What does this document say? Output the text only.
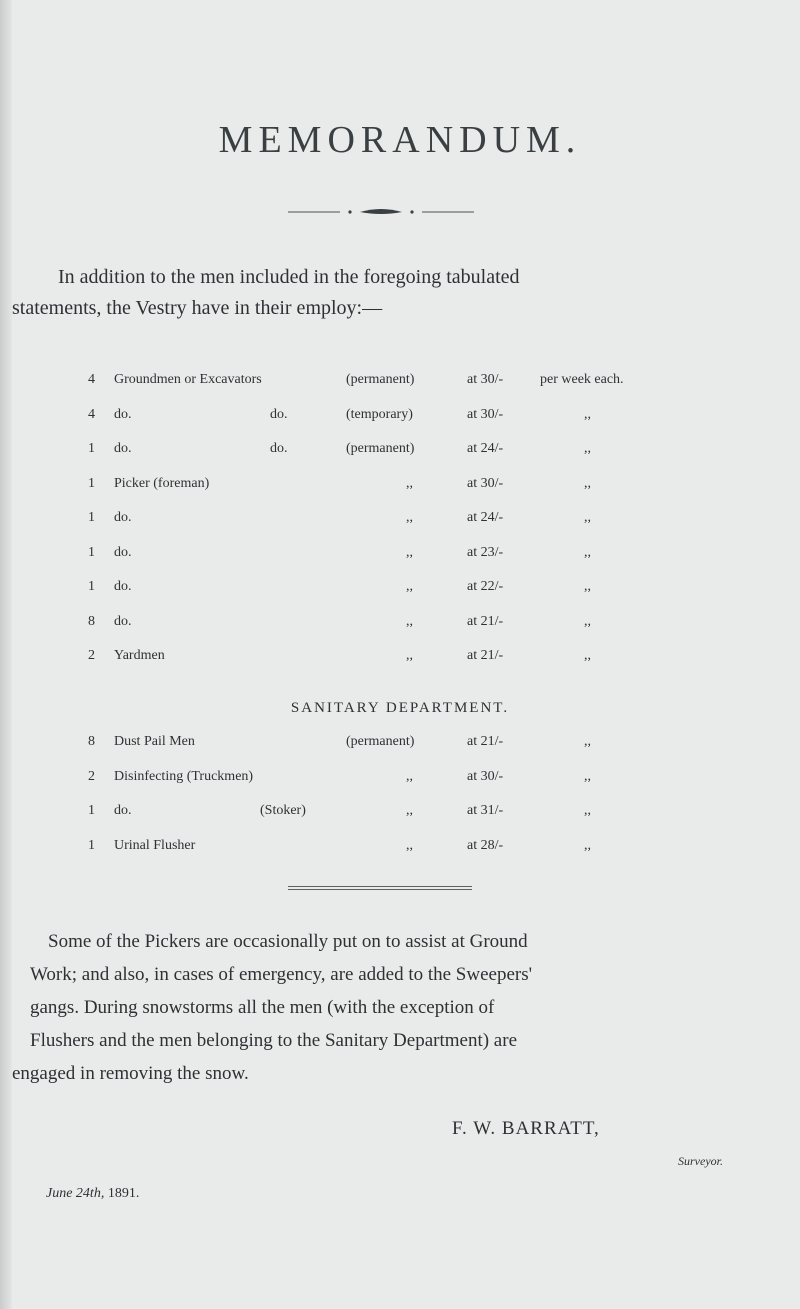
MEMORANDUM.
In addition to the men included in the foregoing tabulated
statements, the Vestry have in their employ:—
4 Groundmen or Excavators	(permanent)	at 30/-	per week each.
4 do.	do.	(temporary)	at 30/-	,,
1 do.	do.	(permanent)	at 24/-	,,
1 Picker (foreman)	,,	at 30/-	,,
1 do.	,,	at 24/-	,,
1 do.	,,	at 23/-	,,
1 do.	,,	at 22/-	,,
8 do.	,,	at 21/-	,,
2 Yardmen	,,	at 21/-	,,
SANITARY DEPARTMENT.
8 Dust Pail Men	(permanent)	at 21/-	,,
2 Disinfecting (Truckmen)	,,	at 30/-	,,
1 do.	(Stoker)	,,	at 31/-	,,
1 Urinal Flusher	,,	at 28/-	,,
Some of the Pickers are occasionally put on to assist at Ground
Work; and also, in cases of emergency, are added to the Sweepers'
gangs. During snowstorms all the men (with the exception of
Flushers and the men belonging to the Sanitary Department) are
engaged in removing the snow.
F. W. BARRATT,
Surveyor.
June 24th, 1891.
